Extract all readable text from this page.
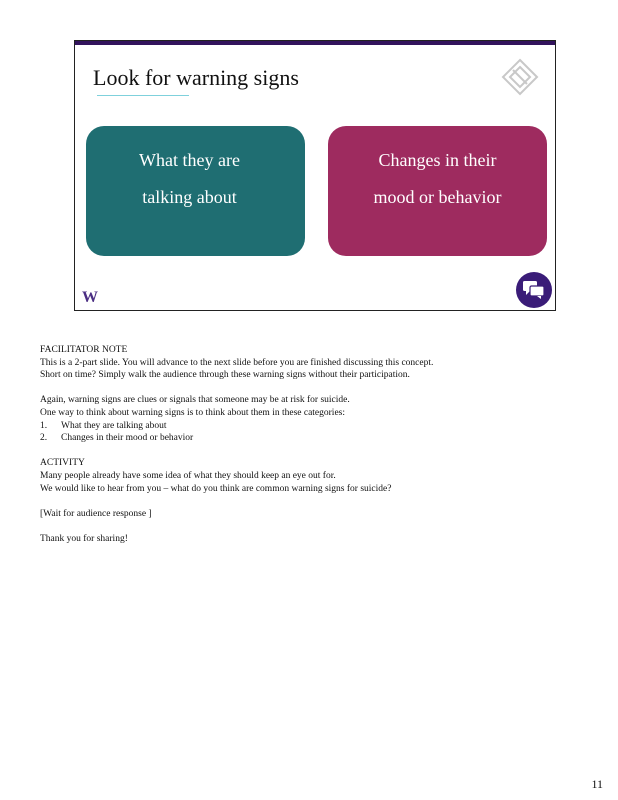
Look for warning signs
What they are
talking about
Changes in their
mood or behavior
W

FACILITATOR NOTE

This is a 2-part slide. You will advance to the next slide before you are finished discussing this concept.

Short on time? Simply walk the audience through these warning signs without their participation.

Again, warning signs are clues or signals that someone may be at risk for suicide.

One way to think about warning signs is to think about them in these categories:

1.	What they are talking about
2.	Changes in their mood or behavior

ACTIVITY

Many people already have some idea of what they should keep an eye out for.

We would like to hear from you – what do you think are common warning signs for suicide?

[Wait for audience response ]

Thank you for sharing!

11
